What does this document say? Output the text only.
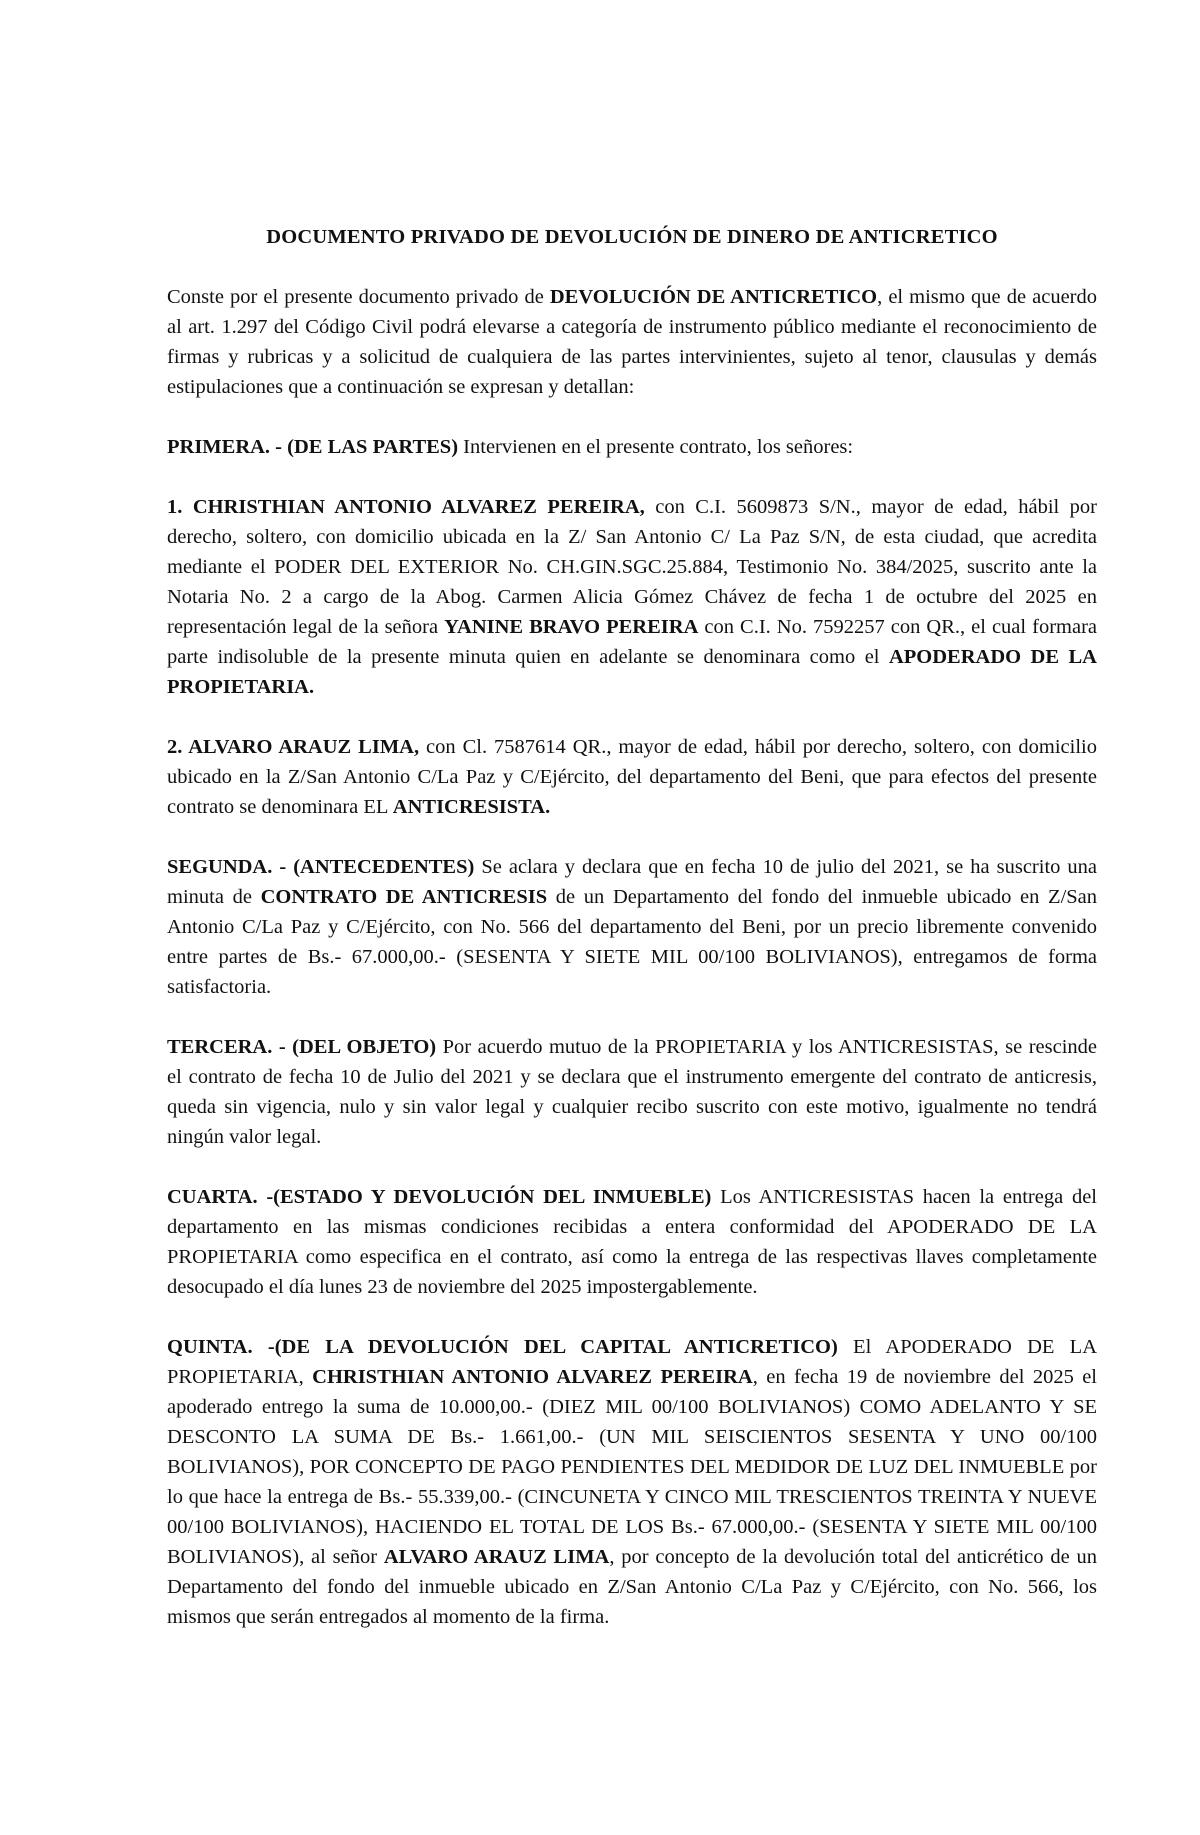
DOCUMENTO PRIVADO DE DEVOLUCIÓN DE DINERO DE ANTICRETICO

Conste por el presente documento privado de DEVOLUCIÓN DE ANTICRETICO, el mismo que de acuerdo al art. 1.297 del Código Civil podrá elevarse a categoría de instrumento público mediante el reconocimiento de firmas y rubricas y a solicitud de cualquiera de las partes intervinientes, sujeto al tenor, clausulas y demás estipulaciones que a continuación se expresan y detallan:

PRIMERA. - (DE LAS PARTES) Intervienen en el presente contrato, los señores:

1. CHRISTHIAN ANTONIO ALVAREZ PEREIRA, con C.I. 5609873 S/N., mayor de edad, hábil por derecho, soltero, con domicilio ubicada en la Z/ San Antonio C/ La Paz S/N, de esta ciudad, que acredita mediante el PODER DEL EXTERIOR No. CH.GIN.SGC.25.884, Testimonio No. 384/2025, suscrito ante la Notaria No. 2 a cargo de la Abog. Carmen Alicia Gómez Chávez de fecha 1 de octubre del 2025 en representación legal de la señora YANINE BRAVO PEREIRA con C.I. No. 7592257 con QR., el cual formara parte indisoluble de la presente minuta quien en adelante se denominara como el APODERADO DE LA PROPIETARIA.

2. ALVARO ARAUZ LIMA, con Cl. 7587614 QR., mayor de edad, hábil por derecho, soltero, con domicilio ubicado en la Z/San Antonio C/La Paz y C/Ejército, del departamento del Beni, que para efectos del presente contrato se denominara EL ANTICRESISTA.

SEGUNDA. - (ANTECEDENTES) Se aclara y declara que en fecha 10 de julio del 2021, se ha suscrito una minuta de CONTRATO DE ANTICRESIS de un Departamento del fondo del inmueble ubicado en Z/San Antonio C/La Paz y C/Ejército, con No. 566 del departamento del Beni, por un precio libremente convenido entre partes de Bs.- 67.000,00.- (SESENTA Y SIETE MIL 00/100 BOLIVIANOS), entregamos de forma satisfactoria.

TERCERA. - (DEL OBJETO) Por acuerdo mutuo de la PROPIETARIA y los ANTICRESISTAS, se rescinde el contrato de fecha 10 de Julio del 2021 y se declara que el instrumento emergente del contrato de anticresis, queda sin vigencia, nulo y sin valor legal y cualquier recibo suscrito con este motivo, igualmente no tendrá ningún valor legal.

CUARTA. -(ESTADO Y DEVOLUCIÓN DEL INMUEBLE) Los ANTICRESISTAS hacen la entrega del departamento en las mismas condiciones recibidas a entera conformidad del APODERADO DE LA PROPIETARIA como especifica en el contrato, así como la entrega de las respectivas llaves completamente desocupado el día lunes 23 de noviembre del 2025 impostergablemente.

QUINTA. -(DE LA DEVOLUCIÓN DEL CAPITAL ANTICRETICO) El APODERADO DE LA PROPIETARIA, CHRISTHIAN ANTONIO ALVAREZ PEREIRA, en fecha 19 de noviembre del 2025 el apoderado entrego la suma de 10.000,00.- (DIEZ MIL 00/100 BOLIVIANOS) COMO ADELANTO Y SE DESCONTO LA SUMA DE Bs.- 1.661,00.- (UN MIL SEISCIENTOS SESENTA Y UNO 00/100 BOLIVIANOS), POR CONCEPTO DE PAGO PENDIENTES DEL MEDIDOR DE LUZ DEL INMUEBLE por lo que hace la entrega de Bs.- 55.339,00.- (CINCUNETA Y CINCO MIL TRESCIENTOS TREINTA Y NUEVE 00/100 BOLIVIANOS), HACIENDO EL TOTAL DE LOS Bs.- 67.000,00.- (SESENTA Y SIETE MIL 00/100 BOLIVIANOS), al señor ALVARO ARAUZ LIMA, por concepto de la devolución total del anticrético de un Departamento del fondo del inmueble ubicado en Z/San Antonio C/La Paz y C/Ejército, con No. 566, los mismos que serán entregados al momento de la firma.
